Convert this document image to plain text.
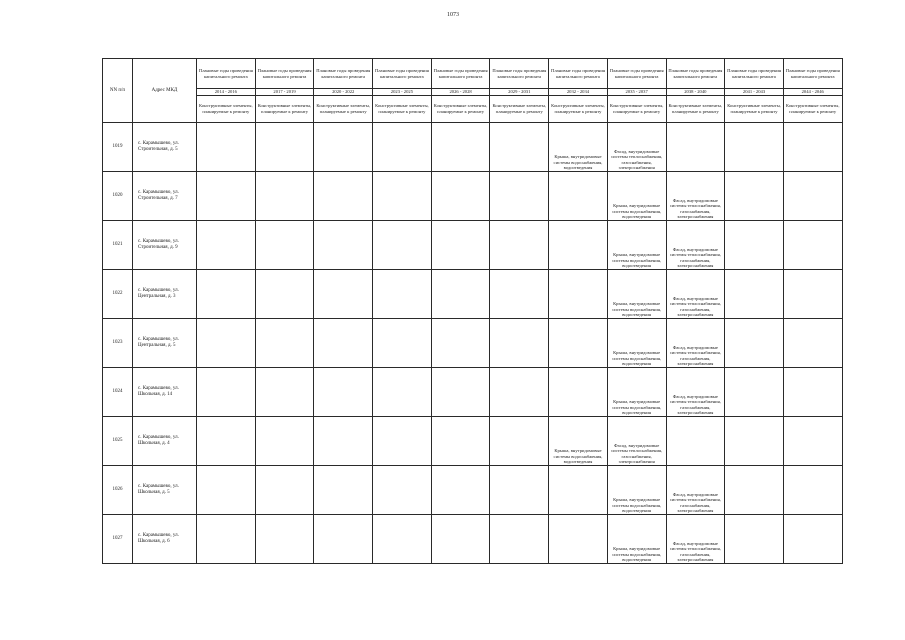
1073
NN п/п	Адрес МКД	Плановые годы проведения капитального ремонта	Плановые годы проведения капитального ремонта	Плановые годы проведения капитального ремонта	Плановые годы проведения капитального ремонта	Плановые годы проведения капитального ремонта	Плановые годы проведения капитального ремонта	Плановые годы проведения капитального ремонта	Плановые годы проведения капитального ремонта	Плановые годы проведения капитального ремонта	Плановые годы проведения капитального ремонта	Плановые годы проведения капитального ремонта
		2014 - 2016	2017 - 2019	2020 - 2022	2023 - 2025	2026 - 2028	2029 - 2031	2032 - 2034	2035 - 2037	2038 - 2040	2041 - 2043	2044 - 2046
		Конструктивные элементы, планируемые к ремонту	Конструктивные элементы, планируемые к ремонту	Конструктивные элементы, планируемые к ремонту	Конструктивные элементы, планируемые к ремонту	Конструктивные элементы, планируемые к ремонту	Конструктивные элементы, планируемые к ремонту	Конструктивные элементы, планируемые к ремонту	Конструктивные элементы, планируемые к ремонту	Конструктивные элементы, планируемые к ремонту	Конструктивные элементы, планируемые к ремонту	Конструктивные элементы, планируемые к ремонту
1019	с. Карамышево, ул. Строительная, д. 5							Крыша, внутридомовые системы водоснабжения, водоотведения	Фасад, внутридомовые системы теплоснабжения, газоснабжения, электроснабжения			
1020	с. Карамышево, ул. Строительная, д. 7								Крыша, внутридомовые системы водоснабжения, водоотведения	Фасад, внутридомовые системы теплоснабжения, газоснабжения, электроснабжения		
1021	с. Карамышево, ул. Строительная, д. 9								Крыша, внутридомовые системы водоснабжения, водоотведения	Фасад, внутридомовые системы теплоснабжения, газоснабжения, электроснабжения		
1022	с. Карамышево, ул. Центральная, д. 3								Крыша, внутридомовые системы водоснабжения, водоотведения	Фасад, внутридомовые системы теплоснабжения, газоснабжения, электроснабжения		
1023	с. Карамышево, ул. Центральная, д. 5								Крыша, внутридомовые системы водоснабжения, водоотведения	Фасад, внутридомовые системы теплоснабжения, газоснабжения, электроснабжения		
1024	с. Карамышево, ул. Школьная, д. 14								Крыша, внутридомовые системы водоснабжения, водоотведения	Фасад, внутридомовые системы теплоснабжения, газоснабжения, электроснабжения		
1025	с. Карамышево, ул. Школьная, д. 4							Крыша, внутридомовые системы водоснабжения, водоотведения	Фасад, внутридомовые системы теплоснабжения, газоснабжения, электроснабжения			
1026	с. Карамышево, ул. Школьная, д. 5								Крыша, внутридомовые системы водоснабжения, водоотведения	Фасад, внутридомовые системы теплоснабжения, газоснабжения, электроснабжения		
1027	с. Карамышево, ул. Школьная, д. 6								Крыша, внутридомовые системы водоснабжения, водоотведения	Фасад, внутридомовые системы теплоснабжения, газоснабжения, электроснабжения		
